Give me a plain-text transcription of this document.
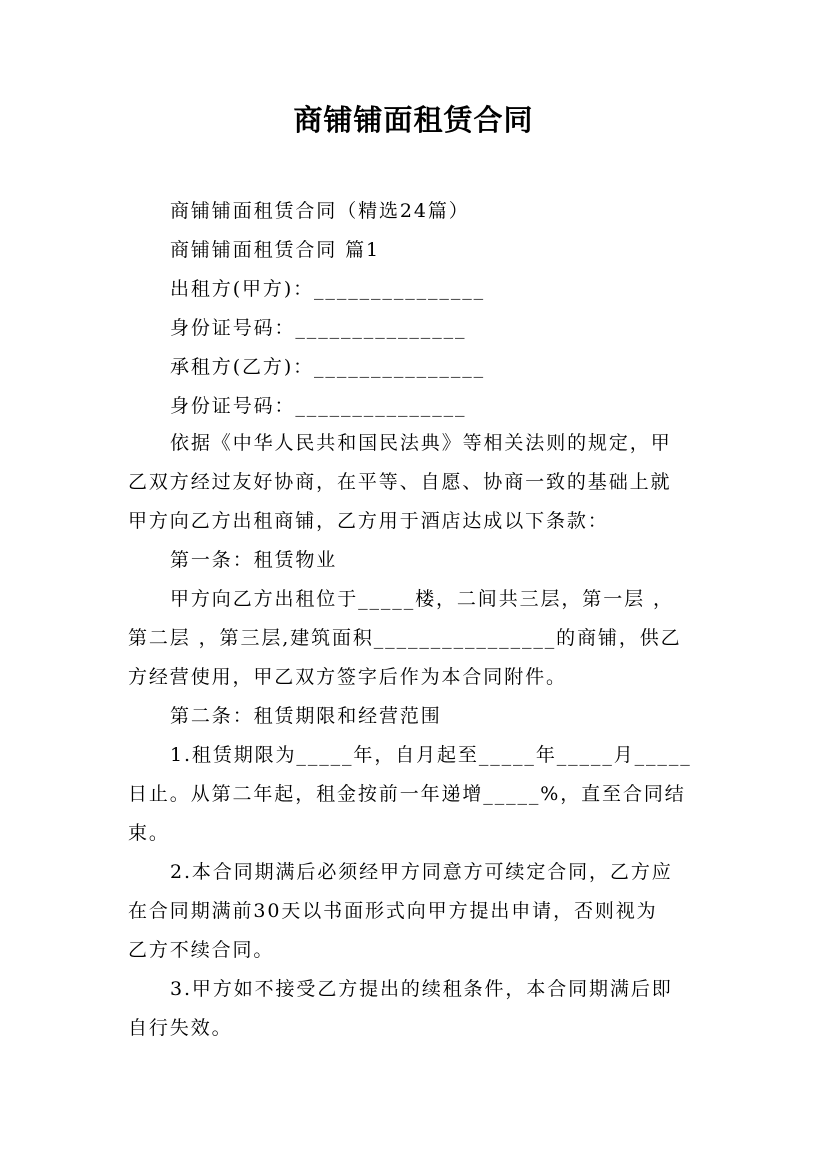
商铺铺面租赁合同
商铺铺面租赁合同（精选24篇）
商铺铺面租赁合同 篇1
出租方(甲方)：_______________
身份证号码：_______________
承租方(乙方)：_______________
身份证号码：_______________
依据《中华人民共和国民法典》等相关法则的规定，甲
乙双方经过友好协商，在平等、自愿、协商一致的基础上就
甲方向乙方出租商铺，乙方用于酒店达成以下条款：
第一条：租赁物业
甲方向乙方出租位于_____楼，二间共三层，第一层 ，
第二层 ，第三层,建筑面积________________的商铺，供乙
方经营使用，甲乙双方签字后作为本合同附件。
第二条：租赁期限和经营范围
1.租赁期限为_____年，自月起至_____年_____月_____
日止。从第二年起，租金按前一年递增_____%，直至合同结
束。
2.本合同期满后必须经甲方同意方可续定合同，乙方应
在合同期满前30天以书面形式向甲方提出申请，否则视为
乙方不续合同。
3.甲方如不接受乙方提出的续租条件，本合同期满后即
自行失效。
